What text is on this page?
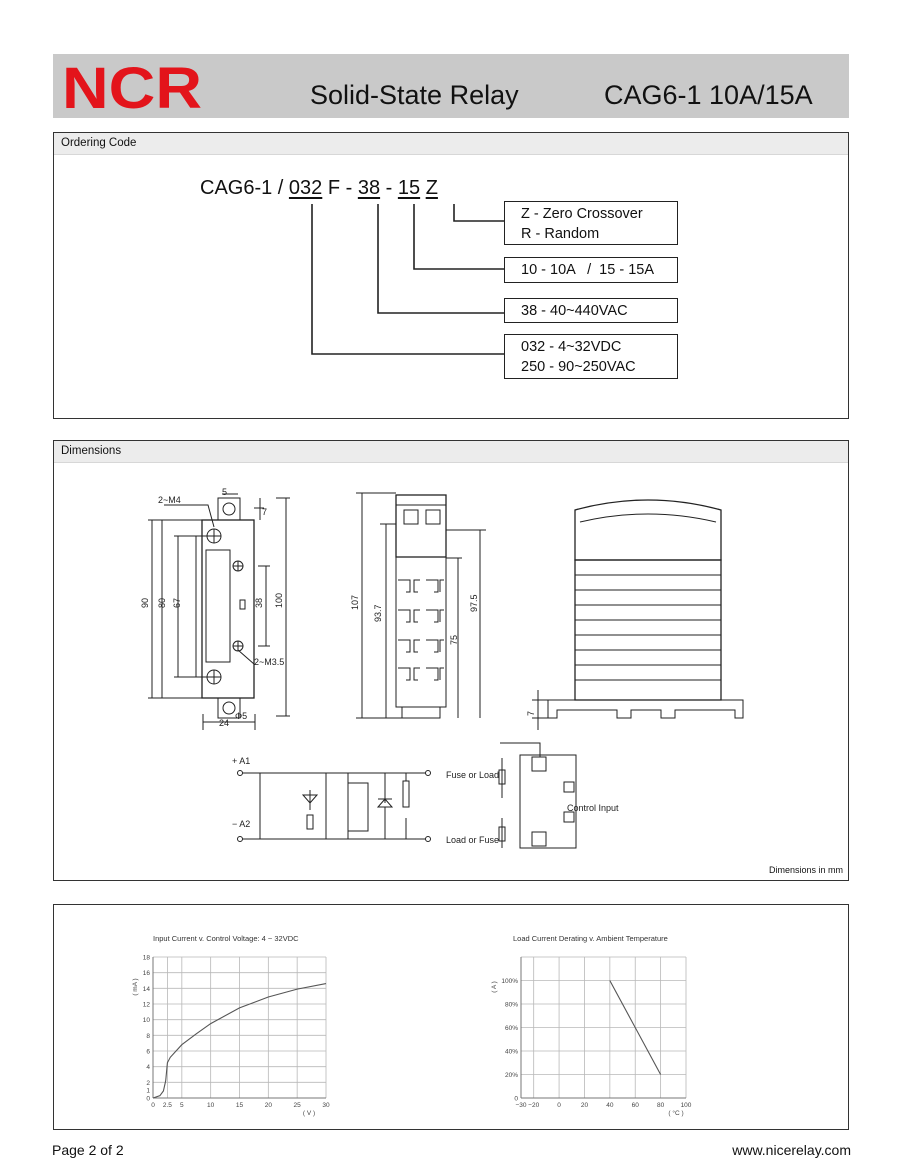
NCR	Solid-State Relay	CAG6-1 10A/15A
Ordering Code
CAG6-1 / 032 F - 38 - 15 Z
Z - Zero Crossover
R - Random
10 - 10A   /  15 - 15A
38 - 40~440VAC
032 - 4~32VDC
250 - 90~250VAC
Dimensions
2~M4
5
7
90 80 67	38 100
2~M3.5
Φ5
24
107
93.7
97.5
75
7
+ A1
− A2
Fuse or Load
Load or Fuse
Control Input
Dimensions in mm
0 2.5 5	10	15	20	25	30
0
1
2
4
6
8
10
12
14
16
18
Input Current v. Control Voltage: 4 ~ 32VDC
( V )
( mA )
−30 −20	0	20	40	60	80	100
0
20%
40%
60%
80%
100%
Load Current Derating v. Ambient Temperature
( °C )
( A )
Page 2 of 2	www.nicerelay.com
